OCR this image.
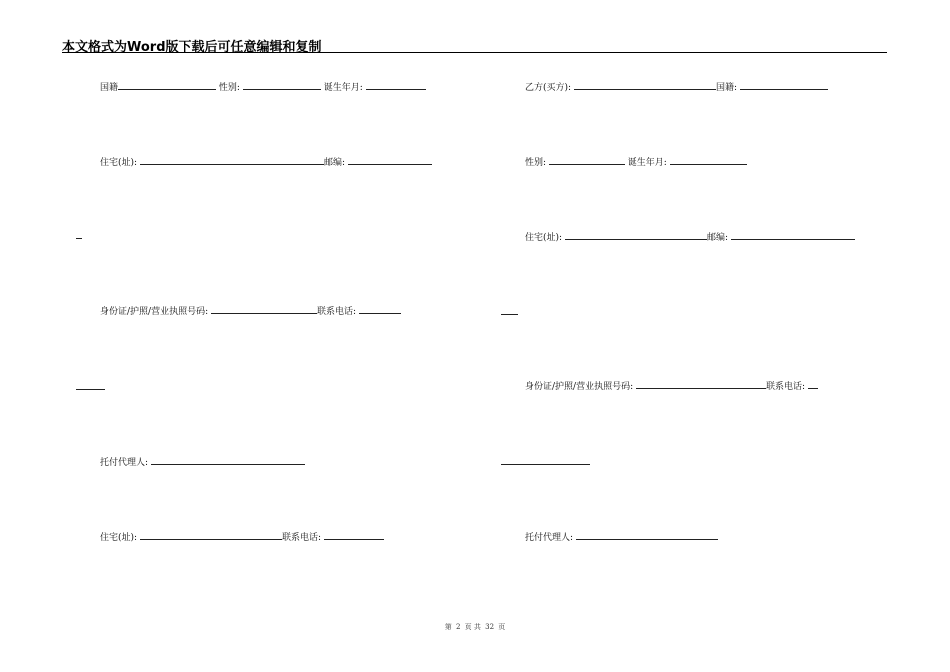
本文格式为Word版下载后可任意编辑和复制
国籍	性别:	诞生年月:
住宅(址):	邮编:
身份证/护照/营业执照号码:	联系电话:
托付代理人:
住宅(址):	联系电话:
乙方(买方):	国籍:
性别:	诞生年月:
住宅(址):	邮编:
身份证/护照/营业执照号码:	联系电话:
托付代理人:
第 2 页 共 32 页
